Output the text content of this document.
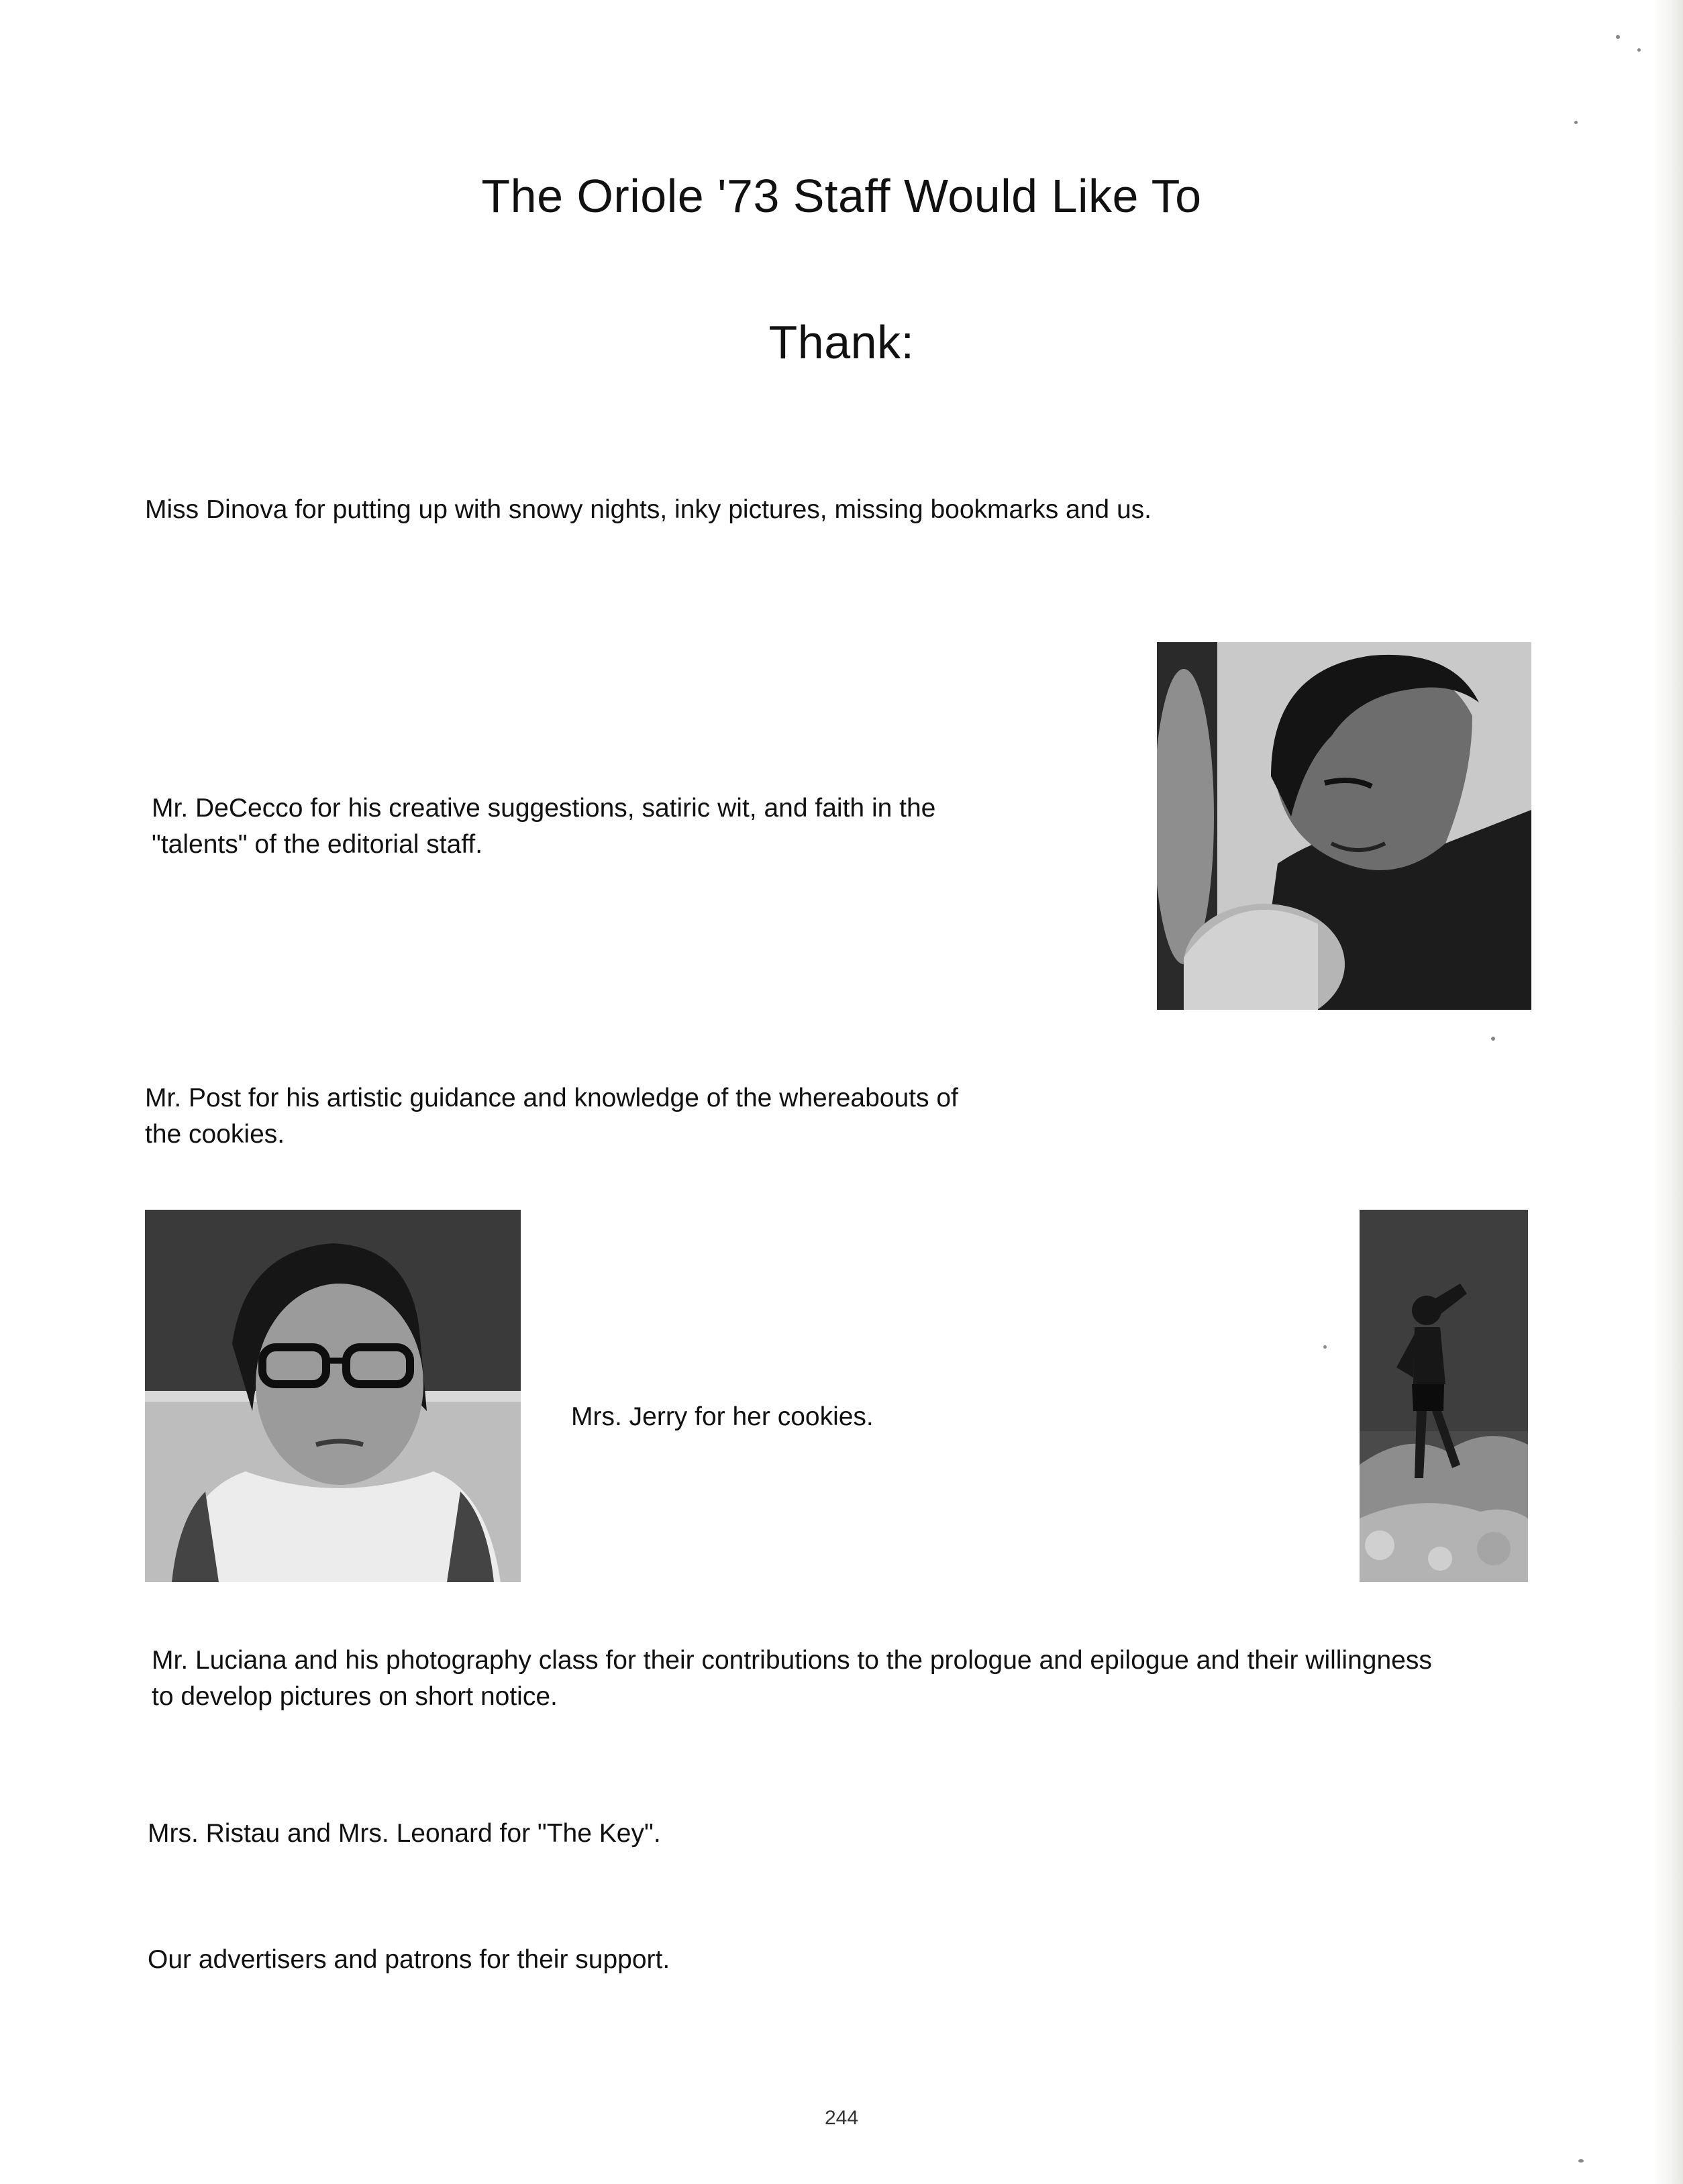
The Oriole '73 Staff Would Like To
Thank:

Miss Dinova for putting up with snowy nights, inky pictures, missing bookmarks and us.

Mr. DeCecco for his creative suggestions, satiric wit, and faith in the
"talents" of the editorial staff.

Mr. Post for his artistic guidance and knowledge of the whereabouts of
the cookies.

Mrs. Jerry for her cookies.

Mr. Luciana and his photography class for their contributions to the prologue and epilogue and their willingness
to develop pictures on short notice.

Mrs. Ristau and Mrs. Leonard for "The Key".

Our advertisers and patrons for their support.

244
